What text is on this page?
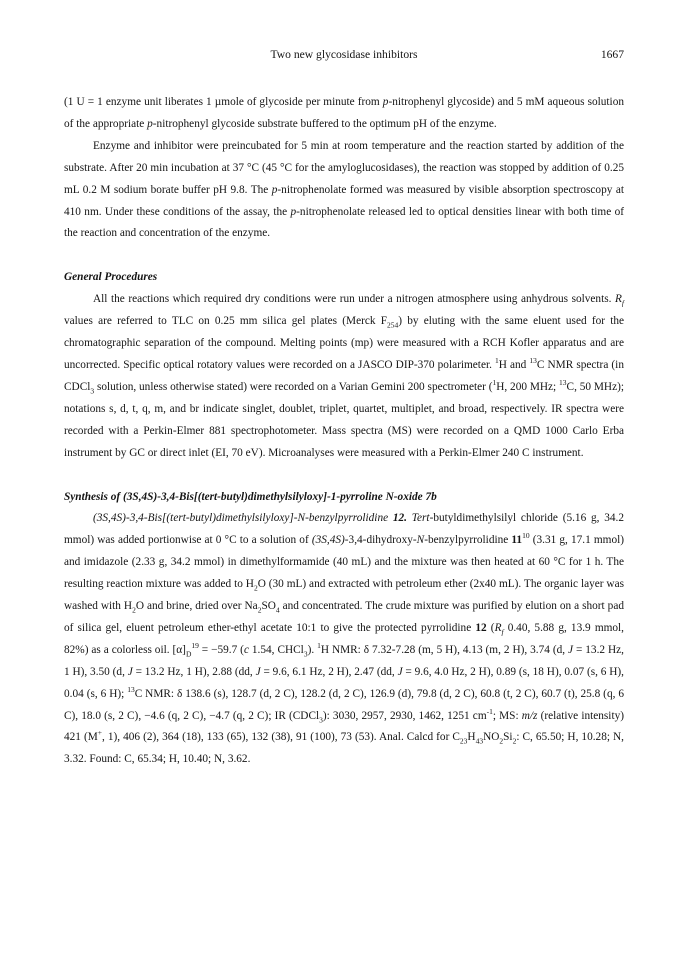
Two new glycosidase inhibitors	1667

(1 U = 1 enzyme unit liberates 1 µmole of glycoside per minute from p-nitrophenyl glycoside) and 5 mM aqueous solution of the appropriate p-nitrophenyl glycoside substrate buffered to the optimum pH of the enzyme.

Enzyme and inhibitor were preincubated for 5 min at room temperature and the reaction started by addition of the substrate. After 20 min incubation at 37 °C (45 °C for the amyloglucosidases), the reaction was stopped by addition of 0.25 mL 0.2 M sodium borate buffer pH 9.8. The p-nitrophenolate formed was measured by visible absorption spectroscopy at 410 nm. Under these conditions of the assay, the p-nitrophenolate released led to optical densities linear with both time of the reaction and concentration of the enzyme.

General Procedures

All the reactions which required dry conditions were run under a nitrogen atmosphere using anhydrous solvents. $R_f$ values are referred to TLC on 0.25 mm silica gel plates (Merck $F_{254}$) by eluting with the same eluent used for the chromatographic separation of the compound. Melting points (mp) were measured with a RCH Kofler apparatus and are uncorrected. Specific optical rotatory values were recorded on a JASCO DIP-370 polarimeter. $^1$H and $^{13}$C NMR spectra (in CDCl$_3$ solution, unless otherwise stated) were recorded on a Varian Gemini 200 spectrometer ($^1$H, 200 MHz; $^{13}$C, 50 MHz); notations s, d, t, q, m, and br indicate singlet, doublet, triplet, quartet, multiplet, and broad, respectively. IR spectra were recorded with a Perkin-Elmer 881 spectrophotometer. Mass spectra (MS) were recorded on a QMD 1000 Carlo Erba instrument by GC or direct inlet (EI, 70 eV). Microanalyses were measured with a Perkin-Elmer 240 C instrument.

Synthesis of (3S,4S)-3,4-Bis[(tert-butyl)dimethylsilyloxy]-1-pyrroline N-oxide 7b

(3S,4S)-3,4-Bis[(tert-butyl)dimethylsilyloxy]-N-benzylpyrrolidine 12. Tert-butyldimethylsilyl chloride (5.16 g, 34.2 mmol) was added portionwise at 0 °C to a solution of (3S,4S)-3,4-dihydroxy-N-benzylpyrrolidine $11^{10}$ (3.31 g, 17.1 mmol) and imidazole (2.33 g, 34.2 mmol) in dimethylformamide (40 mL) and the mixture was then heated at 60 °C for 1 h. The resulting reaction mixture was added to $H_2O$ (30 mL) and extracted with petroleum ether (2x40 mL). The organic layer was washed with $H_2O$ and brine, dried over $Na_2SO_4$ and concentrated. The crude mixture was purified by elution on a short pad of silica gel, eluent petroleum ether-ethyl acetate 10:1 to give the protected pyrrolidine 12 ($R_f$ 0.40, 5.88 g, 13.9 mmol, 82%) as a colorless oil. $[\alpha]_D^{19} = -59.7$ (c 1.54, CHCl$_3$). $^1$H NMR: δ 7.32-7.28 (m, 5 H), 4.13 (m, 2 H), 3.74 (d, J = 13.2 Hz, 1 H), 3.50 (d, J = 13.2 Hz, 1 H), 2.88 (dd, J = 9.6, 6.1 Hz, 2 H), 2.47 (dd, J = 9.6, 4.0 Hz, 2 H), 0.89 (s, 18 H), 0.07 (s, 6 H), 0.04 (s, 6 H); $^{13}$C NMR: δ 138.6 (s), 128.7 (d, 2 C), 128.2 (d, 2 C), 126.9 (d), 79.8 (d, 2 C), 60.8 (t, 2 C), 60.7 (t), 25.8 (q, 6 C), 18.0 (s, 2 C), −4.6 (q, 2 C), −4.7 (q, 2 C); IR (CDCl$_3$): 3030, 2957, 2930, 1462, 1251 $cm^{-1}$; MS: m/z (relative intensity) 421 (M+, 1), 406 (2), 364 (18), 133 (65), 132 (38), 91 (100), 73 (53). Anal. Calcd for $C_{23}H_{43}NO_2Si_2$: C, 65.50; H, 10.28; N, 3.32. Found: C, 65.34; H, 10.40; N, 3.62.
